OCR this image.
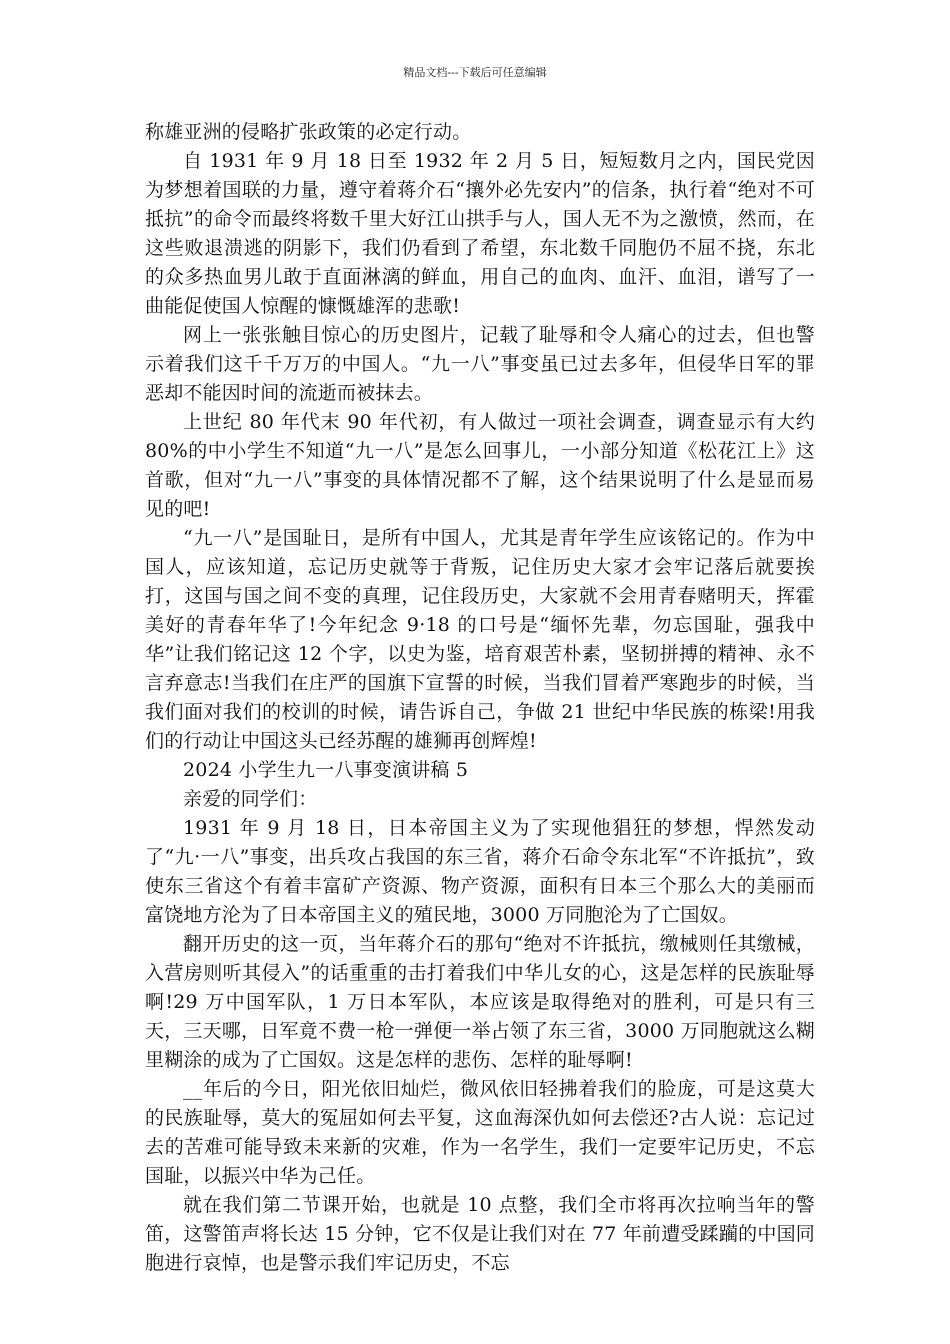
精品文档---下载后可任意编辑

称雄亚洲的侵略扩张政策的必定行动。

自 1931 年 9 月 18 日至 1932 年 2 月 5 日，短短数月之内，国民党因为梦想着国联的力量，遵守着蒋介石“攘外必先安内”的信条，执行着“绝对不可抵抗”的命令而最终将数千里大好江山拱手与人，国人无不为之激愤，然而，在这些败退溃逃的阴影下，我们仍看到了希望，东北数千同胞仍不屈不挠，东北的众多热血男儿敢于直面淋漓的鲜血，用自己的血肉、血汗、血泪，谱写了一曲能促使国人惊醒的慷慨雄浑的悲歌!

网上一张张触目惊心的历史图片，记载了耻辱和令人痛心的过去，但也警示着我们这千千万万的中国人。“九一八”事变虽已过去多年，但侵华日军的罪恶却不能因时间的流逝而被抹去。

上世纪 80 年代末 90 年代初，有人做过一项社会调查，调查显示有大约 80%的中小学生不知道“九一八”是怎么回事儿，一小部分知道《松花江上》这首歌，但对“九一八”事变的具体情况都不了解，这个结果说明了什么是显而易见的吧!

“九一八”是国耻日，是所有中国人，尤其是青年学生应该铭记的。作为中国人，应该知道，忘记历史就等于背叛，记住历史大家才会牢记落后就要挨打，这国与国之间不变的真理，记住段历史，大家就不会用青春赌明天，挥霍美好的青春年华了!今年纪念 9·18 的口号是“缅怀先辈，勿忘国耻，强我中华”让我们铭记这 12 个字，以史为鉴，培育艰苦朴素，坚韧拼搏的精神、永不言弃意志!当我们在庄严的国旗下宣誓的时候，当我们冒着严寒跑步的时候，当我们面对我们的校训的时候，请告诉自己，争做 21 世纪中华民族的栋梁!用我们的行动让中国这头已经苏醒的雄狮再创辉煌!

2024 小学生九一八事变演讲稿 5

亲爱的同学们：

1931 年 9 月 18 日，日本帝国主义为了实现他猖狂的梦想，悍然发动了“九·一八”事变，出兵攻占我国的东三省，蒋介石命令东北军“不许抵抗”，致使东三省这个有着丰富矿产资源、物产资源，面积有日本三个那么大的美丽而富饶地方沦为了日本帝国主义的殖民地，3000 万同胞沦为了亡国奴。

翻开历史的这一页，当年蒋介石的那句“绝对不许抵抗，缴械则任其缴械，入营房则听其侵入”的话重重的击打着我们中华儿女的心，这是怎样的民族耻辱啊!29 万中国军队，1 万日本军队，本应该是取得绝对的胜利，可是只有三天，三天哪，日军竟不费一枪一弹便一举占领了东三省，3000 万同胞就这么糊里糊涂的成为了亡国奴。这是怎样的悲伤、怎样的耻辱啊!

__年后的今日，阳光依旧灿烂，微风依旧轻拂着我们的脸庞，可是这莫大的民族耻辱，莫大的冤屈如何去平复，这血海深仇如何去偿还?古人说：忘记过去的苦难可能导致未来新的灾难，作为一名学生，我们一定要牢记历史，不忘国耻，以振兴中华为己任。

就在我们第二节课开始，也就是 10 点整，我们全市将再次拉响当年的警笛，这警笛声将长达 15 分钟，它不仅是让我们对在 77 年前遭受蹂躏的中国同胞进行哀悼，也是警示我们牢记历史，不忘
